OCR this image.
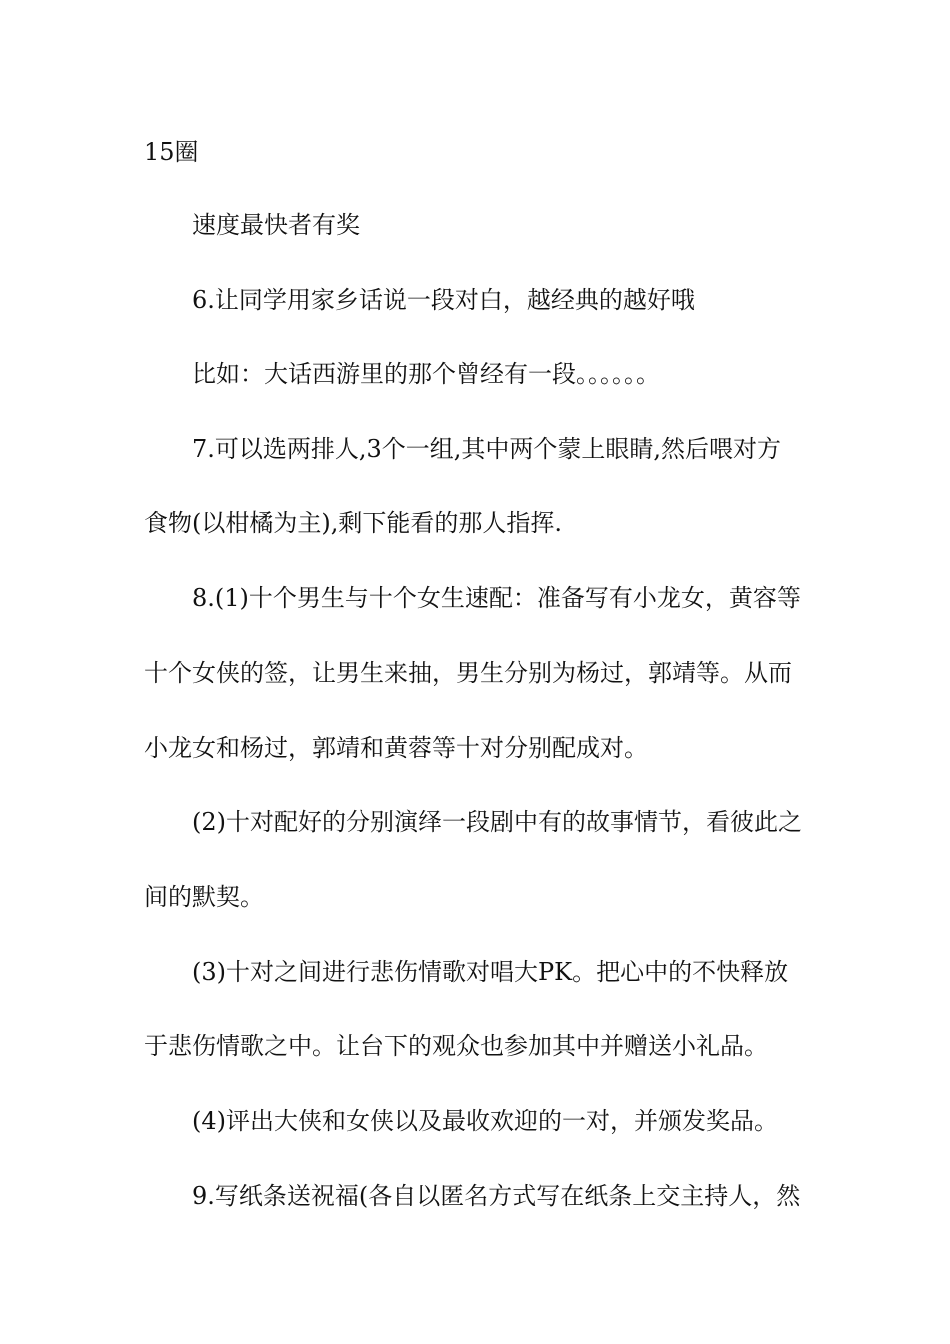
15圈

速度最快者有奖

6.让同学用家乡话说一段对白，越经典的越好哦

比如：大话西游里的那个曾经有一段。。。。。。

7.可以选两排人,3个一组,其中两个蒙上眼睛,然后喂对方

食物(以柑橘为主),剩下能看的那人指挥.

8.(1)十个男生与十个女生速配：准备写有小龙女，黄容等

十个女侠的签，让男生来抽，男生分别为杨过，郭靖等。从而

小龙女和杨过，郭靖和黄蓉等十对分别配成对。

(2)十对配好的分别演绎一段剧中有的故事情节，看彼此之

间的默契。

(3)十对之间进行悲伤情歌对唱大PK。把心中的不快释放

于悲伤情歌之中。让台下的观众也参加其中并赠送小礼品。

(4)评出大侠和女侠以及最收欢迎的一对，并颁发奖品。

9.写纸条送祝福(各自以匿名方式写在纸条上交主持人，然
